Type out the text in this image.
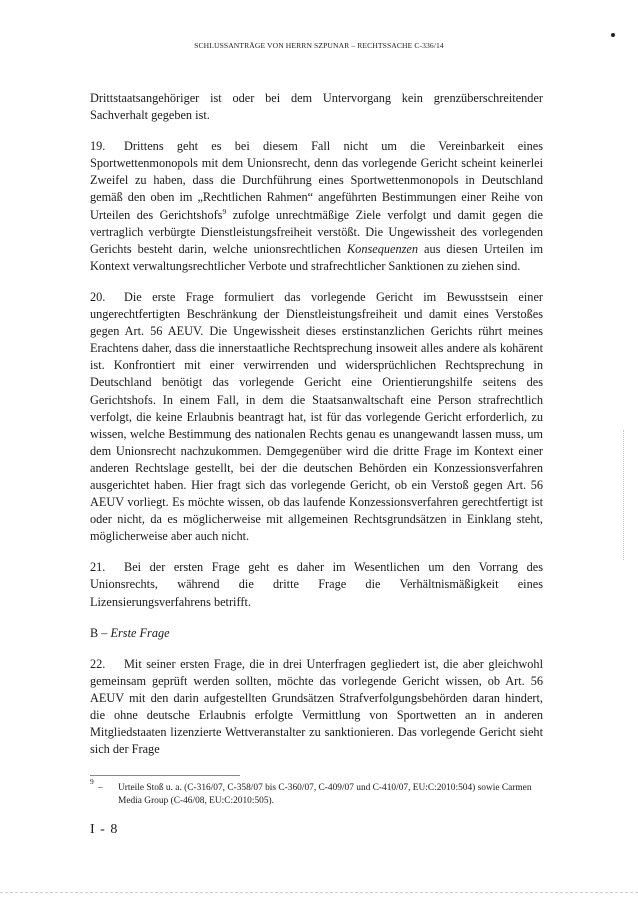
SCHLUSSANTRÄGE VON HERRN SZPUNAR – RECHTSSACHE C-336/14

Drittstaatsangehöriger ist oder bei dem Untervorgang kein grenzüberschreitender Sachverhalt gegeben ist.

19. Drittens geht es bei diesem Fall nicht um die Vereinbarkeit eines Sportwettenmonopols mit dem Unionsrecht, denn das vorlegende Gericht scheint keinerlei Zweifel zu haben, dass die Durchführung eines Sportwettenmonopols in Deutschland gemäß den oben im „Rechtlichen Rahmen“ angeführten Bestimmungen einer Reihe von Urteilen des Gerichtshofs$^9$ zufolge unrechtmäßige Ziele verfolgt und damit gegen die vertraglich verbürgte Dienstleistungsfreiheit verstößt. Die Ungewissheit des vorlegenden Gerichts besteht darin, welche unionsrechtlichen Konsequenzen aus diesen Urteilen im Kontext verwaltungsrechtlicher Verbote und strafrechtlicher Sanktionen zu ziehen sind.

20. Die erste Frage formuliert das vorlegende Gericht im Bewusstsein einer ungerechtfertigten Beschränkung der Dienstleistungsfreiheit und damit eines Verstoßes gegen Art. 56 AEUV. Die Ungewissheit dieses erstinstanzlichen Gerichts rührt meines Erachtens daher, dass die innerstaatliche Rechtsprechung insoweit alles andere als kohärent ist. Konfrontiert mit einer verwirrenden und widersprüchlichen Rechtsprechung in Deutschland benötigt das vorlegende Gericht eine Orientierungshilfe seitens des Gerichtshofs. In einem Fall, in dem die Staatsanwaltschaft eine Person strafrechtlich verfolgt, die keine Erlaubnis beantragt hat, ist für das vorlegende Gericht erforderlich, zu wissen, welche Bestimmung des nationalen Rechts genau es unangewandt lassen muss, um dem Unionsrecht nachzukommen. Demgegenüber wird die dritte Frage im Kontext einer anderen Rechtslage gestellt, bei der die deutschen Behörden ein Konzessionsverfahren ausgerichtet haben. Hier fragt sich das vorlegende Gericht, ob ein Verstoß gegen Art. 56 AEUV vorliegt. Es möchte wissen, ob das laufende Konzessionsverfahren gerechtfertigt ist oder nicht, da es möglicherweise mit allgemeinen Rechtsgrundsätzen in Einklang steht, möglicherweise aber auch nicht.

21. Bei der ersten Frage geht es daher im Wesentlichen um den Vorrang des Unionsrechts, während die dritte Frage die Verhältnismäßigkeit eines Lizensierungsverfahrens betrifft.

B – Erste Frage

22. Mit seiner ersten Frage, die in drei Unterfragen gegliedert ist, die aber gleichwohl gemeinsam geprüft werden sollten, möchte das vorlegende Gericht wissen, ob Art. 56 AEUV mit den darin aufgestellten Grundsätzen Strafverfolgungsbehörden daran hindert, die ohne deutsche Erlaubnis erfolgte Vermittlung von Sportwetten an in anderen Mitgliedstaaten lizenzierte Wettveranstalter zu sanktionieren. Das vorlegende Gericht sieht sich der Frage

9
– Urteile Stoß u. a. (C-316/07, C-358/07 bis C-360/07, C-409/07 und C-410/07, EU:C:2010:504) sowie Carmen Media Group (C-46/08, EU:C:2010:505).
I - 8
